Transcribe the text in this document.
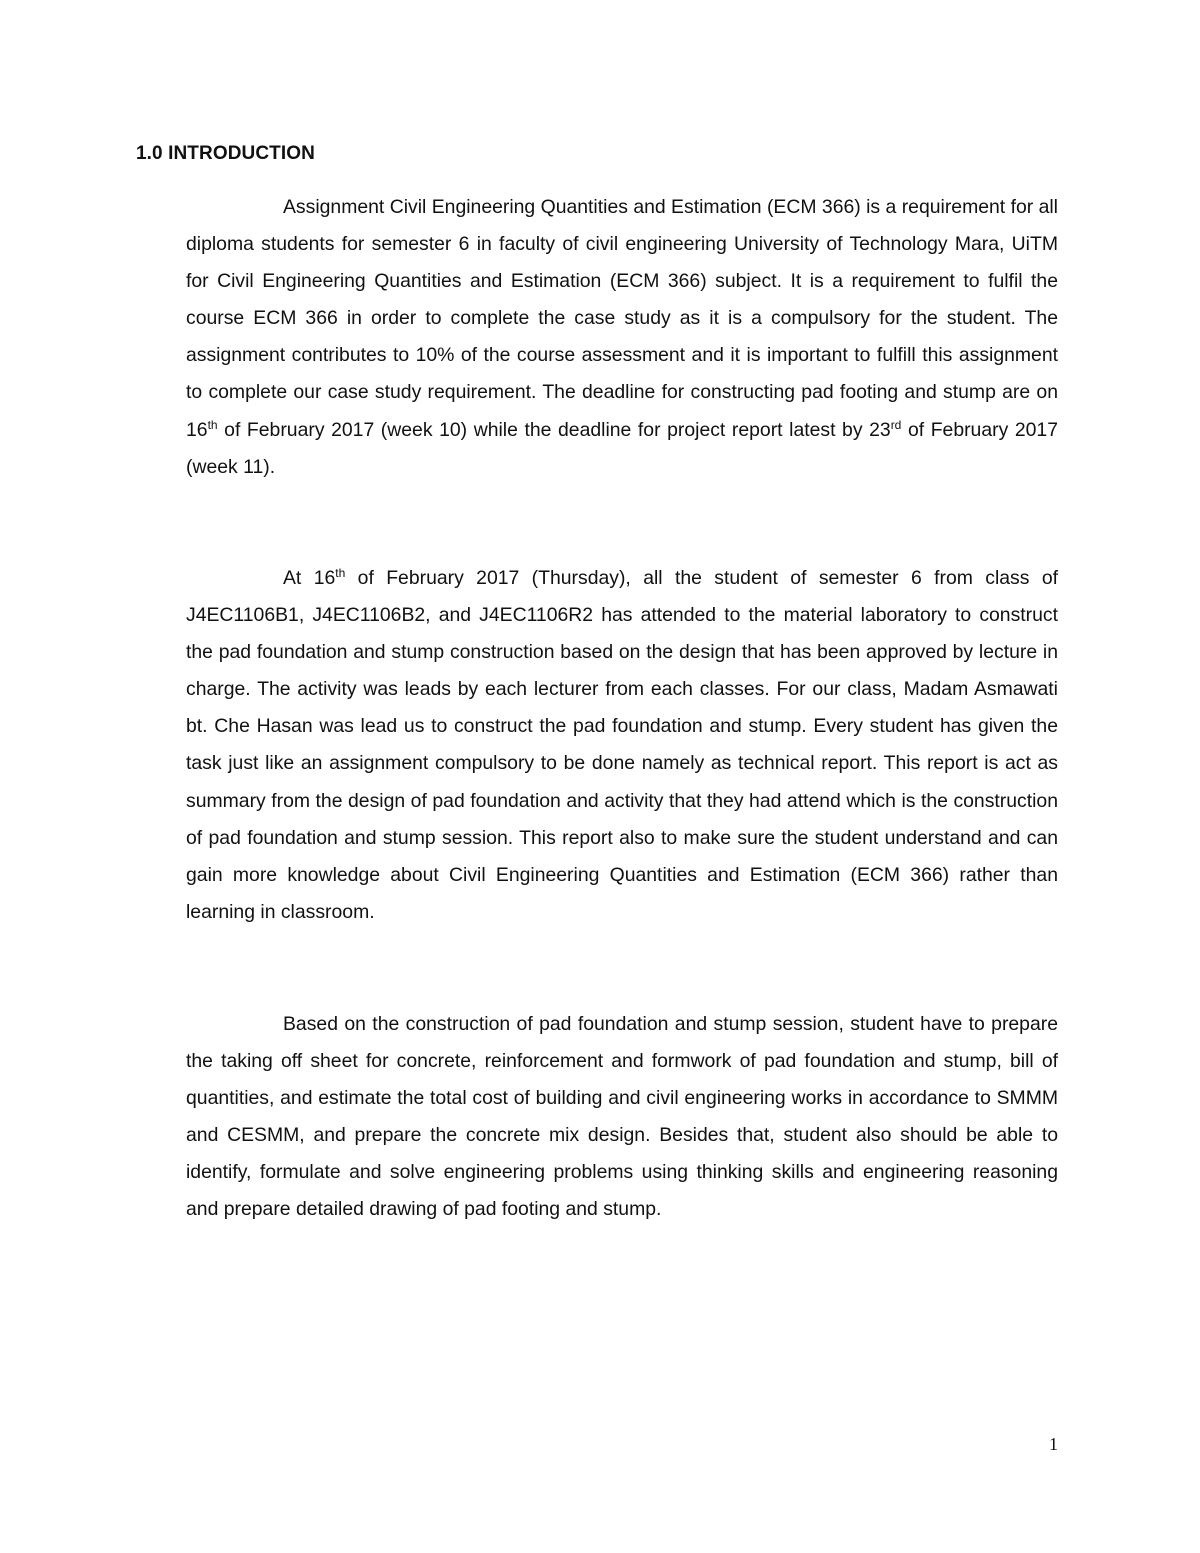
1.0 INTRODUCTION

Assignment Civil Engineering Quantities and Estimation (ECM 366) is a requirement for all diploma students for semester 6 in faculty of civil engineering University of Technology Mara, UiTM for Civil Engineering Quantities and Estimation (ECM 366) subject. It is a requirement to fulfil the course ECM 366 in order to complete the case study as it is a compulsory for the student. The assignment contributes to 10% of the course assessment and it is important to fulfill this assignment to complete our case study requirement. The deadline for constructing pad footing and stump are on 16th of February 2017 (week 10) while the deadline for project report latest by 23rd of February 2017 (week 11).

At 16th of February 2017 (Thursday), all the student of semester 6 from class of J4EC1106B1, J4EC1106B2, and J4EC1106R2 has attended to the material laboratory to construct the pad foundation and stump construction based on the design that has been approved by lecture in charge. The activity was leads by each lecturer from each classes. For our class, Madam Asmawati bt. Che Hasan was lead us to construct the pad foundation and stump. Every student has given the task just like an assignment compulsory to be done namely as technical report. This report is act as summary from the design of pad foundation and activity that they had attend which is the construction of pad foundation and stump session. This report also to make sure the student understand and can gain more knowledge about Civil Engineering Quantities and Estimation (ECM 366) rather than learning in classroom.

Based on the construction of pad foundation and stump session, student have to prepare the taking off sheet for concrete, reinforcement and formwork of pad foundation and stump, bill of quantities, and estimate the total cost of building and civil engineering works in accordance to SMMM and CESMM, and prepare the concrete mix design. Besides that, student also should be able to identify, formulate and solve engineering problems using thinking skills and engineering reasoning and prepare detailed drawing of pad footing and stump.

1
